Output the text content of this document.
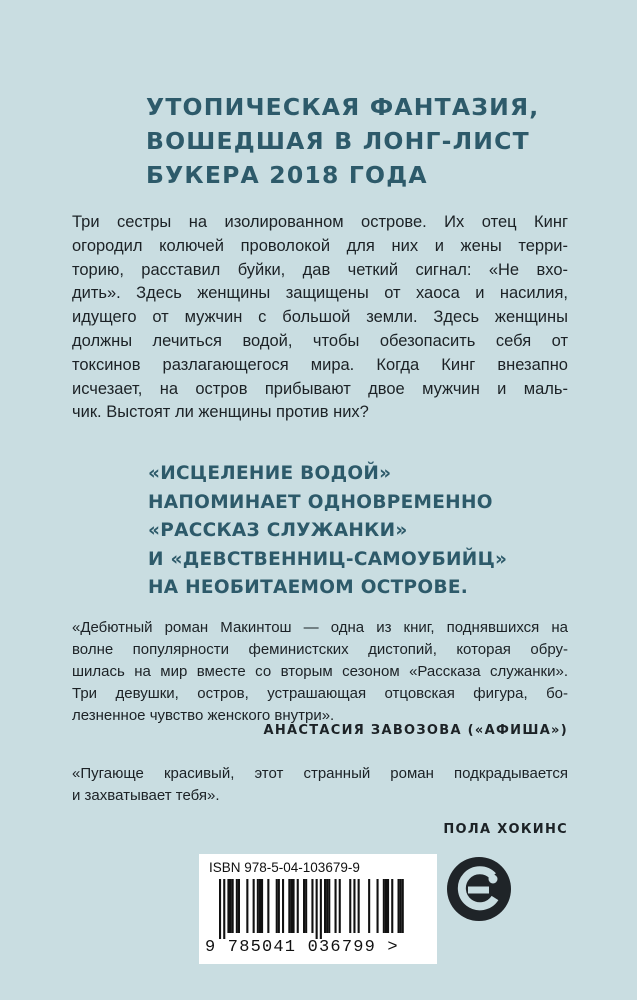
УТОПИЧЕСКАЯ ФАНТАЗИЯ,
ВОШЕДШАЯ В ЛОНГ-ЛИСТ
БУКЕРА 2018 ГОДА
Три сестры на изолированном острове. Их отец Кинг
огородил колючей проволокой для них и жены терри-
торию, расставил буйки, дав четкий сигнал: «Не вхо-
дить». Здесь женщины защищены от хаоса и насилия,
идущего от мужчин с большой земли. Здесь женщины
должны лечиться водой, чтобы обезопасить себя от
токсинов разлагающегося мира. Когда Кинг внезапно
исчезает, на остров прибывают двое мужчин и маль-
чик. Выстоят ли женщины против них?
«ИСЦЕЛЕНИЕ ВОДОЙ»
НАПОМИНАЕТ ОДНОВРЕМЕННО
«РАССКАЗ СЛУЖАНКИ»
И «ДЕВСТВЕННИЦ-САМОУБИЙЦ»
НА НЕОБИТАЕМОМ ОСТРОВЕ.
«Дебютный роман Макинтош — одна из книг, поднявшихся на
волне популярности феминистских дистопий, которая обру-
шилась на мир вместе со вторым сезоном «Рассказа служанки».
Три девушки, остров, устрашающая отцовская фигура, бо-
лезненное чувство женского внутри».
АНАСТАСИЯ ЗАВОЗОВА («АФИША»)
«Пугающе красивый, этот странный роман подкрадывается
и захватывает тебя».
ПОЛА ХОКИНС
ISBN 978-5-04-103679-9
9 785041 036799 >
